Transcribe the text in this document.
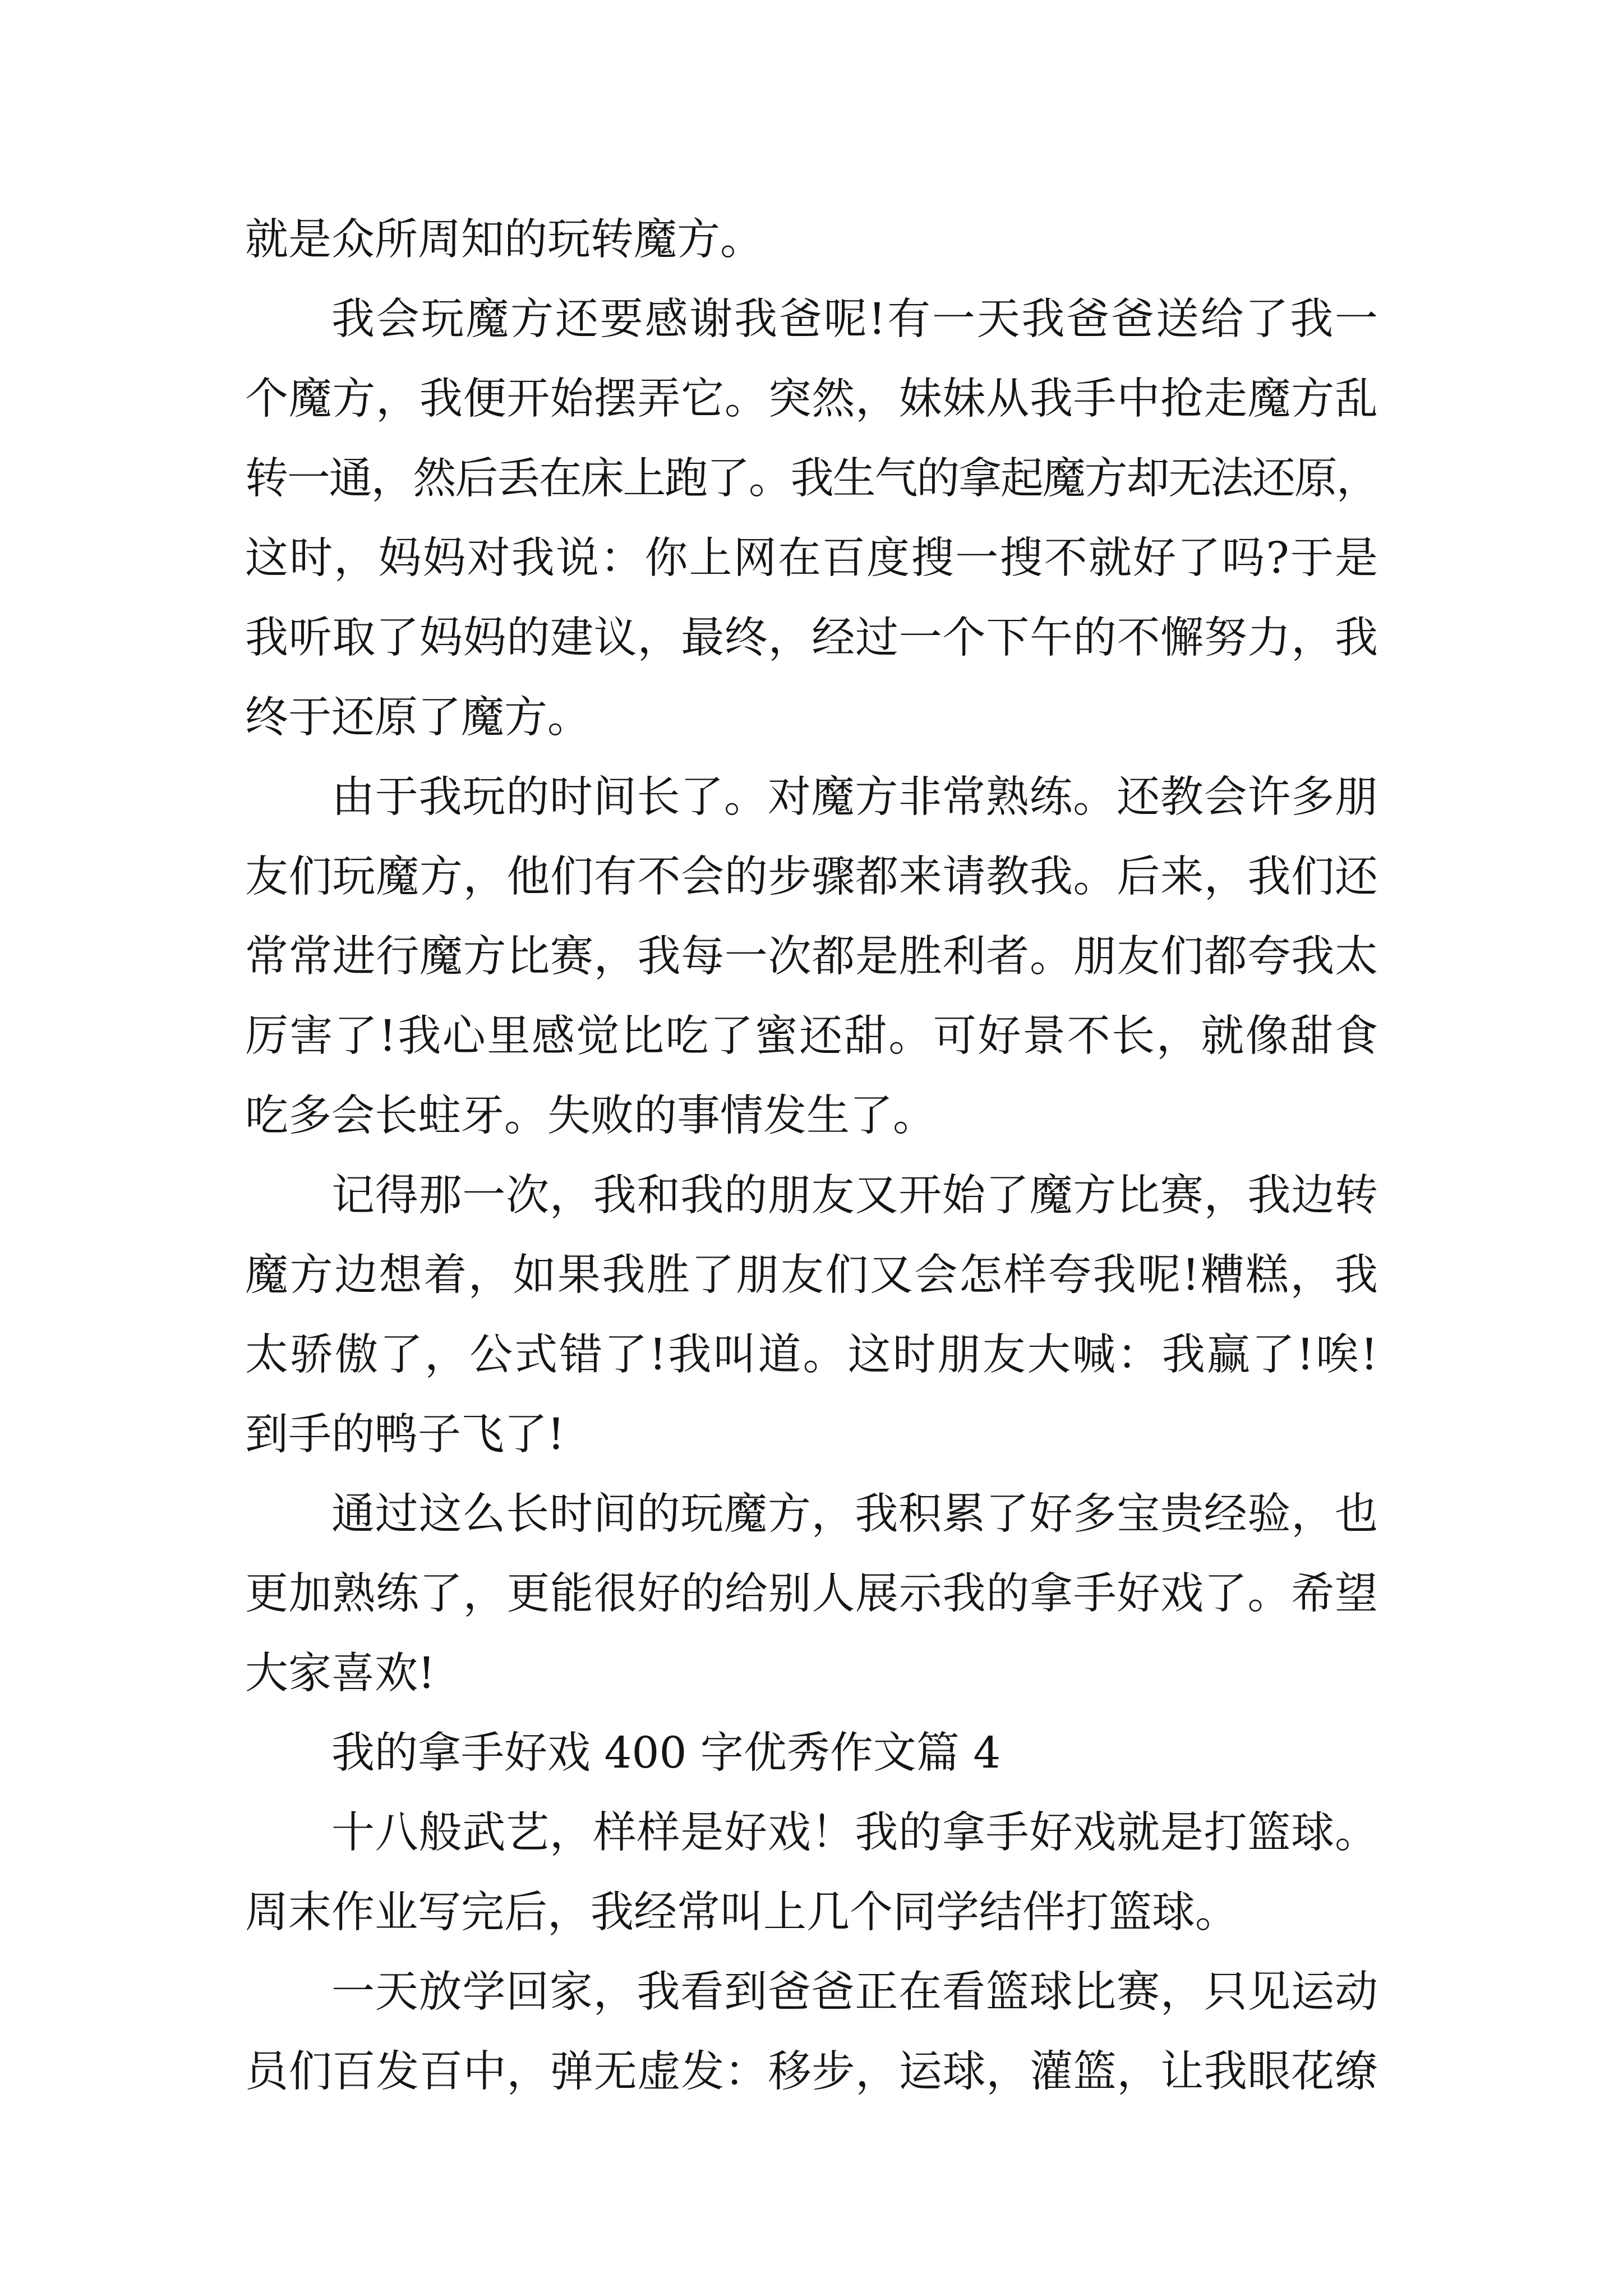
就是众所周知的玩转魔方。
我会玩魔方还要感谢我爸呢!有一天我爸爸送给了我一
个魔方，我便开始摆弄它。突然，妹妹从我手中抢走魔方乱
转一通，然后丢在床上跑了。我生气的拿起魔方却无法还原，
这时，妈妈对我说：你上网在百度搜一搜不就好了吗?于是
我听取了妈妈的建议，最终，经过一个下午的不懈努力，我
终于还原了魔方。
由于我玩的时间长了。对魔方非常熟练。还教会许多朋
友们玩魔方，他们有不会的步骤都来请教我。后来，我们还
常常进行魔方比赛，我每一次都是胜利者。朋友们都夸我太
厉害了!我心里感觉比吃了蜜还甜。可好景不长，就像甜食
吃多会长蛀牙。失败的事情发生了。
记得那一次，我和我的朋友又开始了魔方比赛，我边转
魔方边想着，如果我胜了朋友们又会怎样夸我呢!糟糕，我
太骄傲了，公式错了!我叫道。这时朋友大喊：我赢了!唉!
到手的鸭子飞了!
通过这么长时间的玩魔方，我积累了好多宝贵经验，也
更加熟练了，更能很好的给别人展示我的拿手好戏了。希望
大家喜欢!
我的拿手好戏 400 字优秀作文篇 4
十八般武艺，样样是好戏！我的拿手好戏就是打篮球。
周末作业写完后，我经常叫上几个同学结伴打篮球。
一天放学回家，我看到爸爸正在看篮球比赛，只见运动
员们百发百中，弹无虚发：移步，运球，灌篮，让我眼花缭
